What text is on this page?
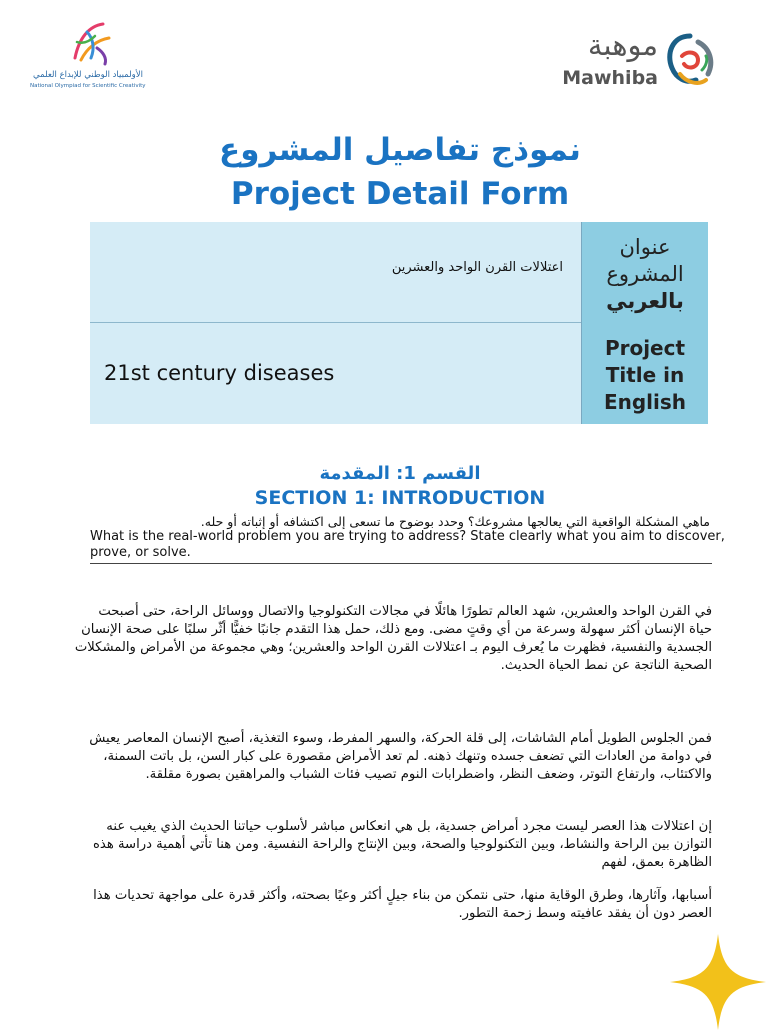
موهبة
Mawhiba
الأولمبياد الوطني للإبداع العلمي
National Olympiad for Scientific Creativity
نموذج تفاصيل المشروع
Project Detail Form
اعتلالات القرن الواحد والعشرين
عنوان
المشروع
بالعربي
21st century diseases
Project
Title in
English
القسم 1: المقدمة
SECTION 1: INTRODUCTION
ماهي المشكلة الواقعية التي يعالجها مشروعك؟ وحدد بوضوح ما تسعى إلى اكتشافه أو إثباته أو حله.
What is the real-world problem you are trying to address? State clearly what you aim to discover, prove, or solve.
في القرن الواحد والعشرين، شهد العالم تطورًا هائلًا في مجالات التكنولوجيا والاتصال ووسائل الراحة، حتى أصبحت حياة الإنسان أكثر سهولة وسرعة من أي وقتٍ مضى. ومع ذلك، حمل هذا التقدم جانبًا خفيًّا أثّر سلبًا على صحة الإنسان الجسدية والنفسية، فظهرت ما يُعرف اليوم بـ اعتلالات القرن الواحد والعشرين؛ وهي مجموعة من الأمراض والمشكلات الصحية الناتجة عن نمط الحياة الحديث.
فمن الجلوس الطويل أمام الشاشات، إلى قلة الحركة، والسهر المفرط، وسوء التغذية، أصبح الإنسان المعاصر يعيش في دوامة من العادات التي تضعف جسده وتنهك ذهنه. لم تعد الأمراض مقصورة على كبار السن، بل باتت السمنة، والاكتئاب، وارتفاع التوتر، وضعف النظر، واضطرابات النوم تصيب فئات الشباب والمراهقين بصورة مقلقة.
إن اعتلالات هذا العصر ليست مجرد أمراض جسدية، بل هي انعكاس مباشر لأسلوب حياتنا الحديث الذي يغيب عنه التوازن بين الراحة والنشاط، وبين التكنولوجيا والصحة، وبين الإنتاج والراحة النفسية. ومن هنا تأتي أهمية دراسة هذه الظاهرة بعمق، لفهم
أسبابها، وآثارها، وطرق الوقاية منها، حتى نتمكن من بناء جيلٍ أكثر وعيًا بصحته، وأكثر قدرة على مواجهة تحديات هذا العصر دون أن يفقد عافيته وسط زحمة التطور.
